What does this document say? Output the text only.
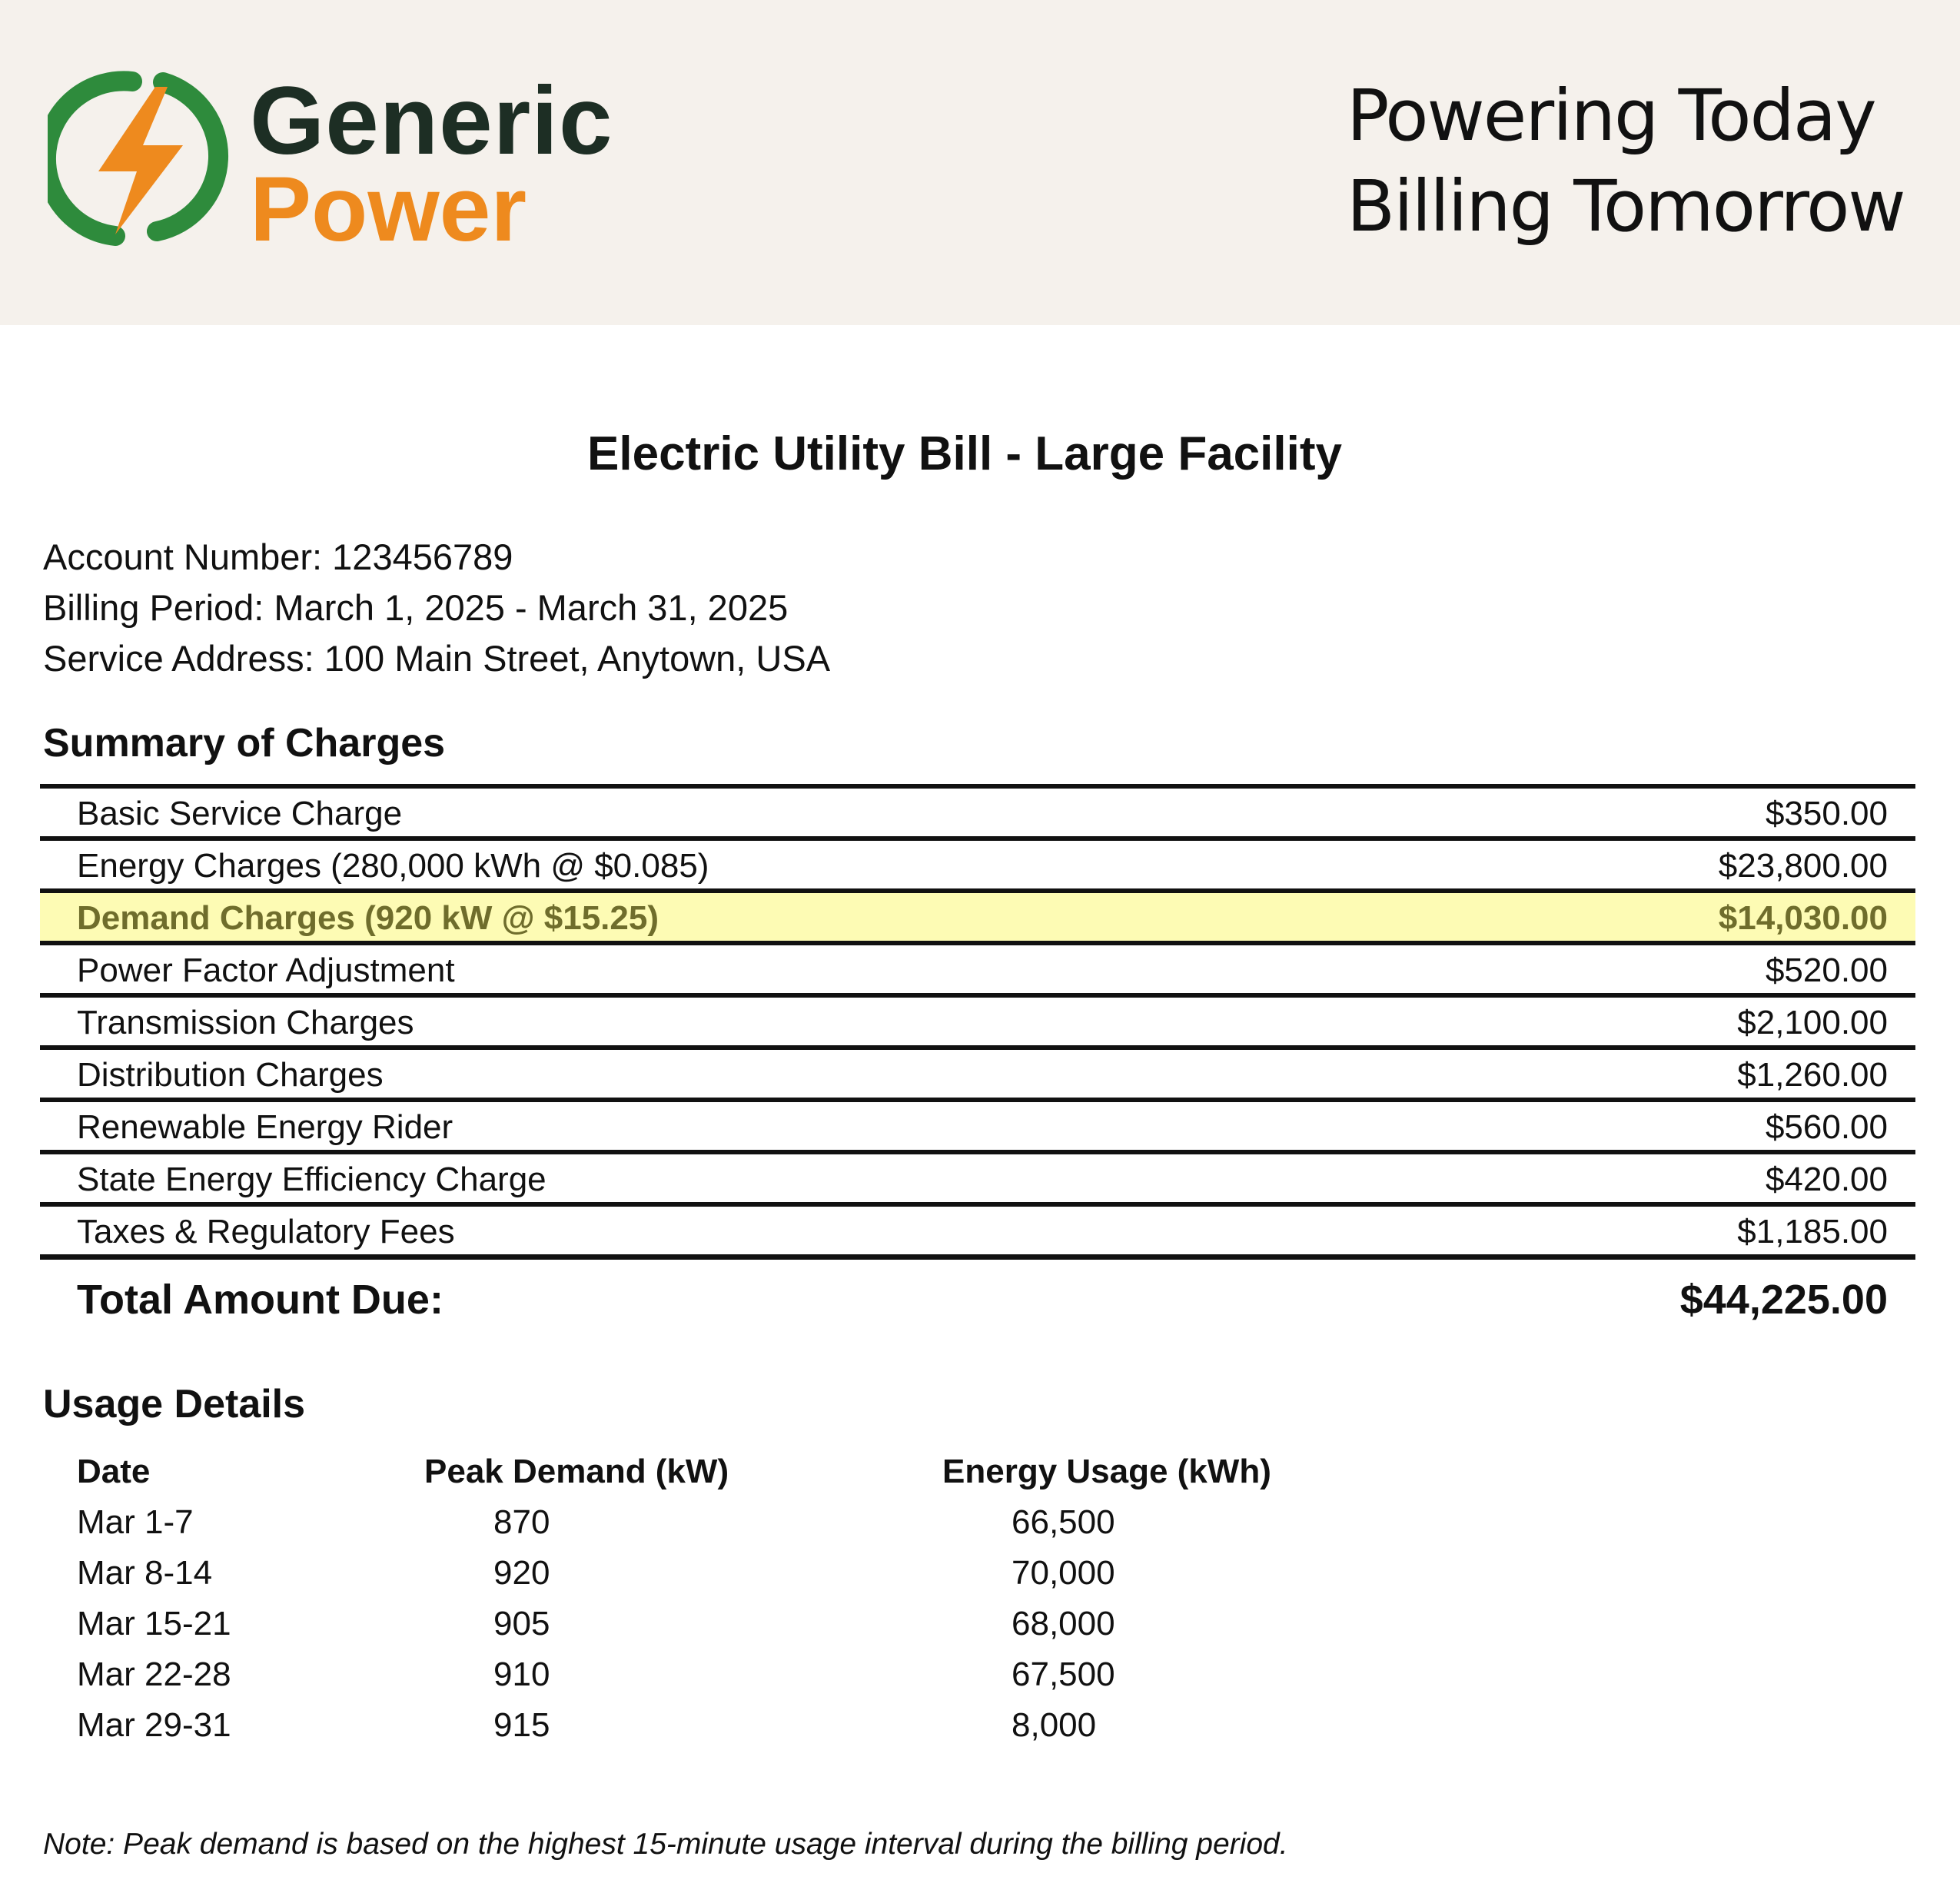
Generic
Power
Powering Today
Billing Tomorrow
Electric Utility Bill - Large Facility
Account Number: 123456789
Billing Period: March 1, 2025 - March 31, 2025
Service Address: 100 Main Street, Anytown, USA
Summary of Charges
Basic Service Charge	$350.00
Energy Charges (280,000 kWh @ $0.085)	$23,800.00
Demand Charges (920 kW @ $15.25)	$14,030.00
Power Factor Adjustment	$520.00
Transmission Charges	$2,100.00
Distribution Charges	$1,260.00
Renewable Energy Rider	$560.00
State Energy Efficiency Charge	$420.00
Taxes & Regulatory Fees	$1,185.00
Total Amount Due:	$44,225.00
Usage Details
Date	Peak Demand (kW)	Energy Usage (kWh)
Mar 1-7	870	66,500
Mar 8-14	920	70,000
Mar 15-21	905	68,000
Mar 22-28	910	67,500
Mar 29-31	915	8,000
Note: Peak demand is based on the highest 15-minute usage interval during the billing period.
